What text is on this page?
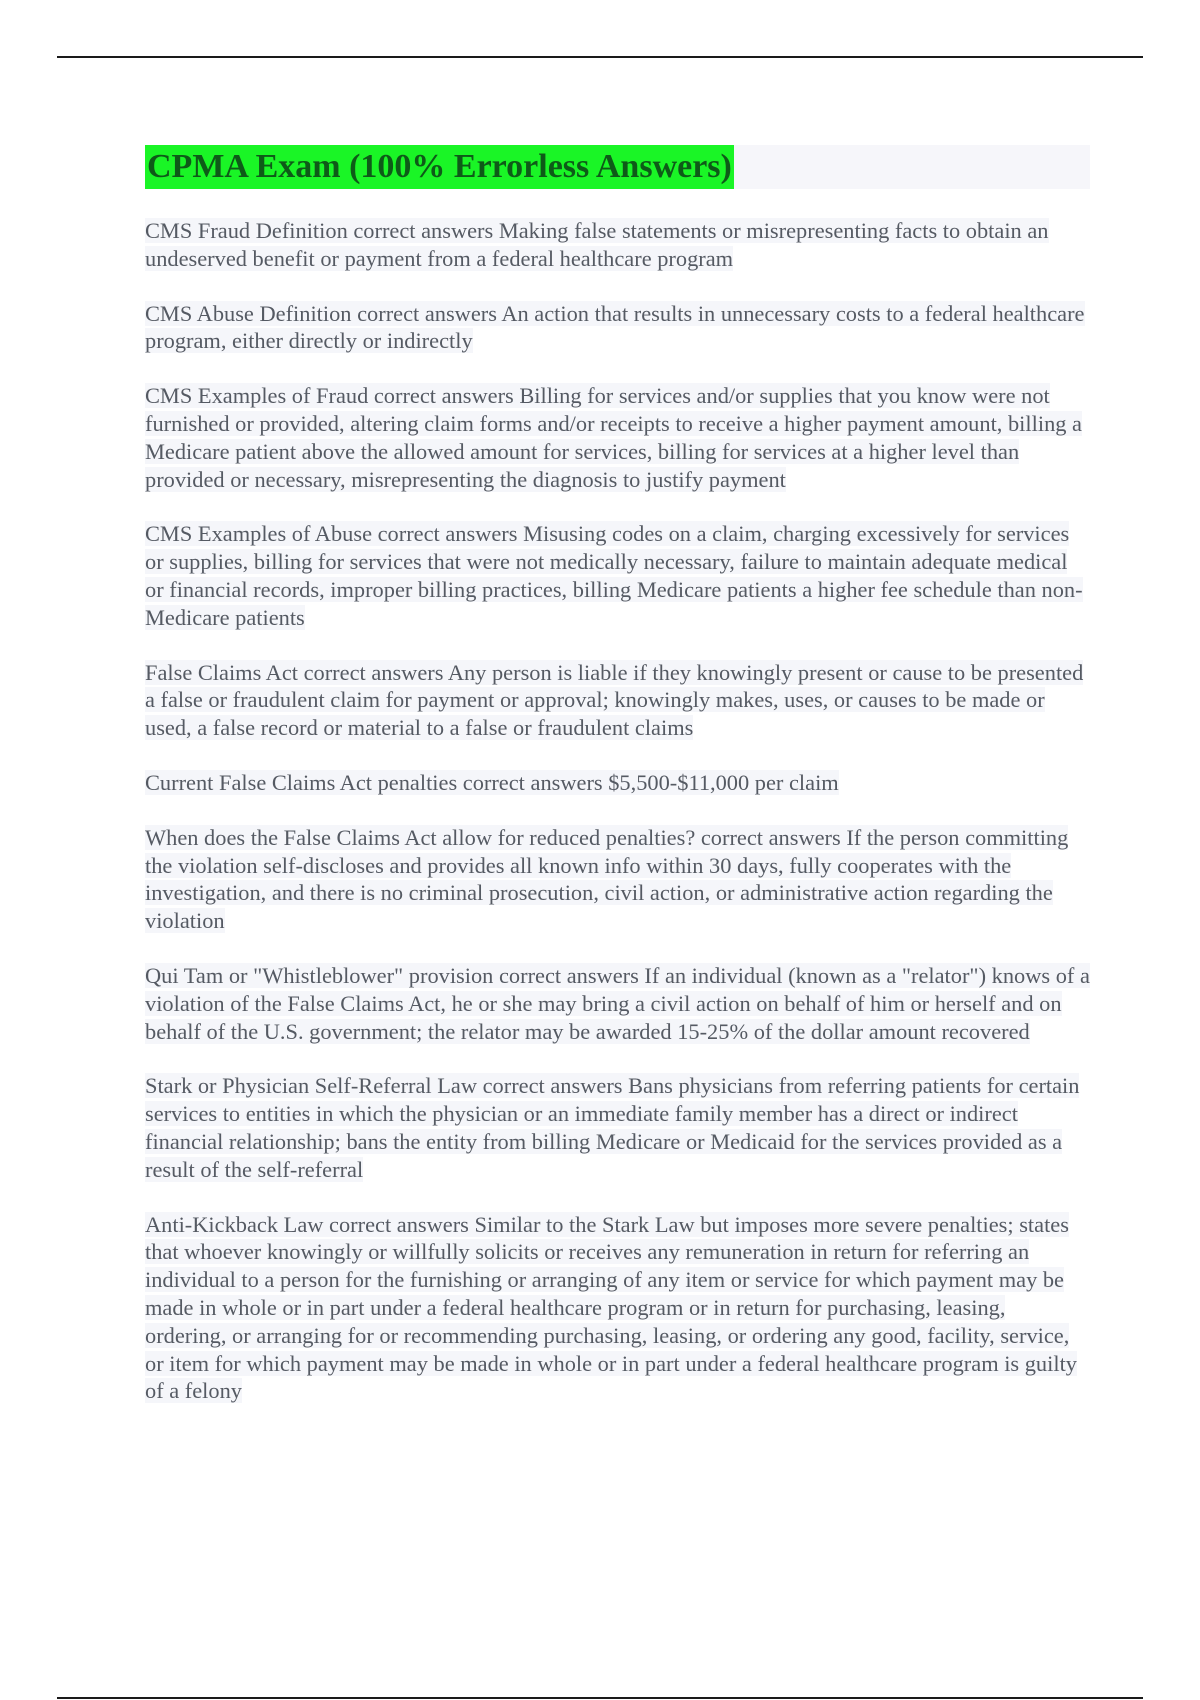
CPMA Exam (100% Errorless Answers)

CMS Fraud Definition correct answers Making false statements or misrepresenting facts to obtain an undeserved benefit or payment from a federal healthcare program

CMS Abuse Definition correct answers An action that results in unnecessary costs to a federal healthcare program, either directly or indirectly

CMS Examples of Fraud correct answers Billing for services and/or supplies that you know were not furnished or provided, altering claim forms and/or receipts to receive a higher payment amount, billing a Medicare patient above the allowed amount for services, billing for services at a higher level than provided or necessary, misrepresenting the diagnosis to justify payment

CMS Examples of Abuse correct answers Misusing codes on a claim, charging excessively for services or supplies, billing for services that were not medically necessary, failure to maintain adequate medical or financial records, improper billing practices, billing Medicare patients a higher fee schedule than non-Medicare patients

False Claims Act correct answers Any person is liable if they knowingly present or cause to be presented a false or fraudulent claim for payment or approval; knowingly makes, uses, or causes to be made or used, a false record or material to a false or fraudulent claims

Current False Claims Act penalties correct answers $5,500-$11,000 per claim

When does the False Claims Act allow for reduced penalties? correct answers If the person committing the violation self-discloses and provides all known info within 30 days, fully cooperates with the investigation, and there is no criminal prosecution, civil action, or administrative action regarding the violation

Qui Tam or "Whistleblower" provision correct answers If an individual (known as a "relator") knows of a violation of the False Claims Act, he or she may bring a civil action on behalf of him or herself and on behalf of the U.S. government; the relator may be awarded 15-25% of the dollar amount recovered

Stark or Physician Self-Referral Law correct answers Bans physicians from referring patients for certain services to entities in which the physician or an immediate family member has a direct or indirect financial relationship; bans the entity from billing Medicare or Medicaid for the services provided as a result of the self-referral

Anti-Kickback Law correct answers Similar to the Stark Law but imposes more severe penalties; states that whoever knowingly or willfully solicits or receives any remuneration in return for referring an individual to a person for the furnishing or arranging of any item or service for which payment may be made in whole or in part under a federal healthcare program or in return for purchasing, leasing, ordering, or arranging for or recommending purchasing, leasing, or ordering any good, facility, service, or item for which payment may be made in whole or in part under a federal healthcare program is guilty of a felony
